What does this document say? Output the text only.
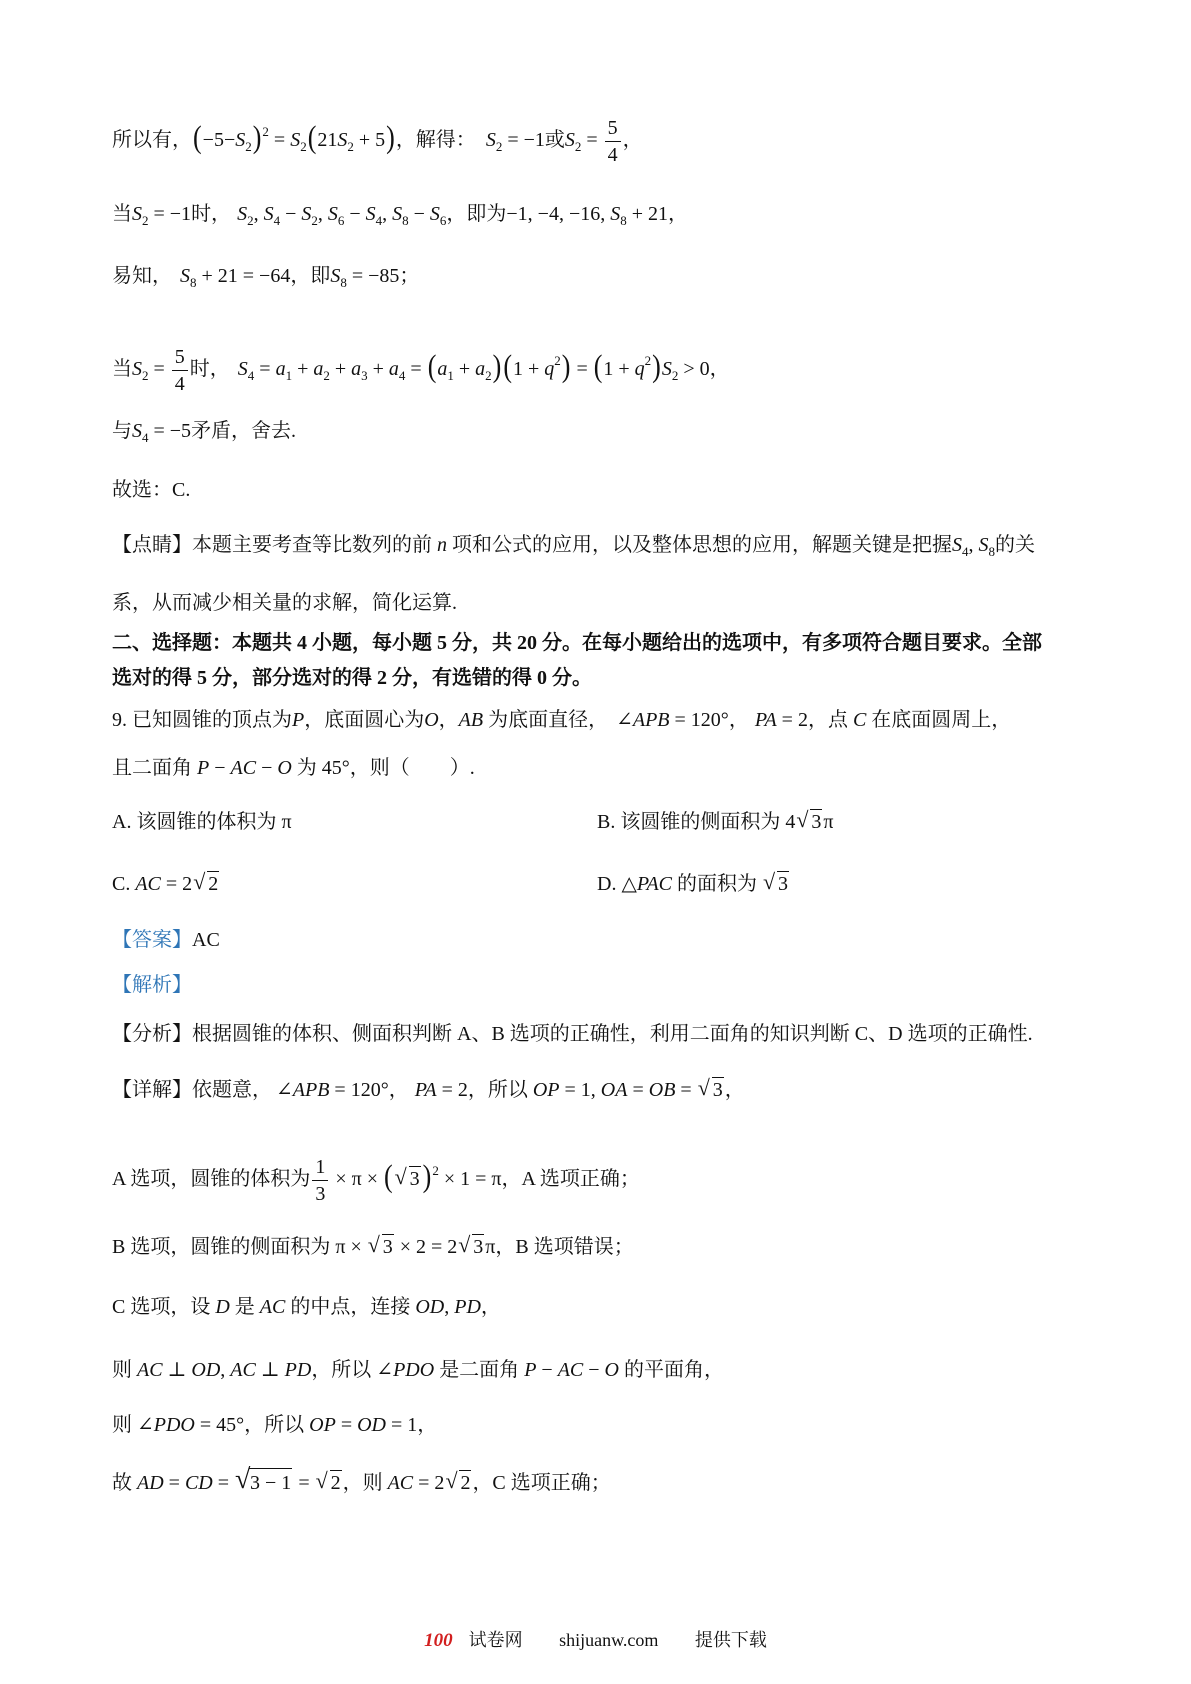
所以有，$(-5-S_2)^2 = S_2(21S_2 + 5)$，解得： $S_2 = -1$或$S_2 = \frac{5}{4}$ ，
当$S_2 = -1$时， $S_2$, $S_4 - S_2$, $S_6 - S_4$, $S_8 - S_6$，即为−1, −4, −16, $S_8 + 21$，
易知， $S_8 + 21 = -64$，即$S_8 = -85$；
当$S_2 = \frac{5}{4}$ 时， $S_4 = a_1 + a_2 + a_3 + a_4 = (a_1 + a_2)(1 + q^2) = (1 + q^2)S_2 > 0$，
与$S_4 = -5$矛盾，舍去.
故选：C.
【点睛】本题主要考查等比数列的前 n 项和公式的应用，以及整体思想的应用，解题关键是把握$S_4$, $S_8$的关
系，从而减少相关量的求解，简化运算.
二、选择题：本题共 4 小题，每小题 5 分，共 20 分。在每小题给出的选项中，有多项符合题目要求。全部
选对的得 5 分，部分选对的得 2 分，有选错的得 0 分。
9. 已知圆锥的顶点为P，底面圆心为O，AB 为底面直径， ∠APB = 120°， PA = 2，点 C 在底面圆周上，
且二面角 P − AC − O 为 45°，则（　　）.
A. 该圆锥的体积为 π	B. 该圆锥的侧面积为 4 √ 3 π
C. AC = 2 √ 2	D. △PAC 的面积为 √ 3
【答案】AC
【解析】
【分析】根据圆锥的体积、侧面积判断 A、B 选项的正确性，利用二面角的知识判断 C、D 选项的正确性.
【详解】依题意， ∠APB = 120°， PA = 2，所以 OP = 1, OA = OB = √ 3 ，
A 选项，圆锥的体积为 $\frac{1}{3} \times \pi$ × ( √ 3 )$^2$ × 1 = π，A 选项正确；
B 选项，圆锥的侧面积为 π × √ 3 × 2 = 2 √ 3 π，B 选项错误；
C 选项，设 D 是 AC 的中点，连接 OD, PD，
则 AC ⊥ OD, AC ⊥ PD，所以 ∠PDO 是二面角 P − AC − O 的平面角，
则 ∠PDO = 45°，所以 OP = OD = 1，
故 AD = CD = √ 3 − 1 = √ 2 ，则 AC = 2 √ 2 ，C 选项正确；
100 试卷网 shijuanw.com 提供下载
